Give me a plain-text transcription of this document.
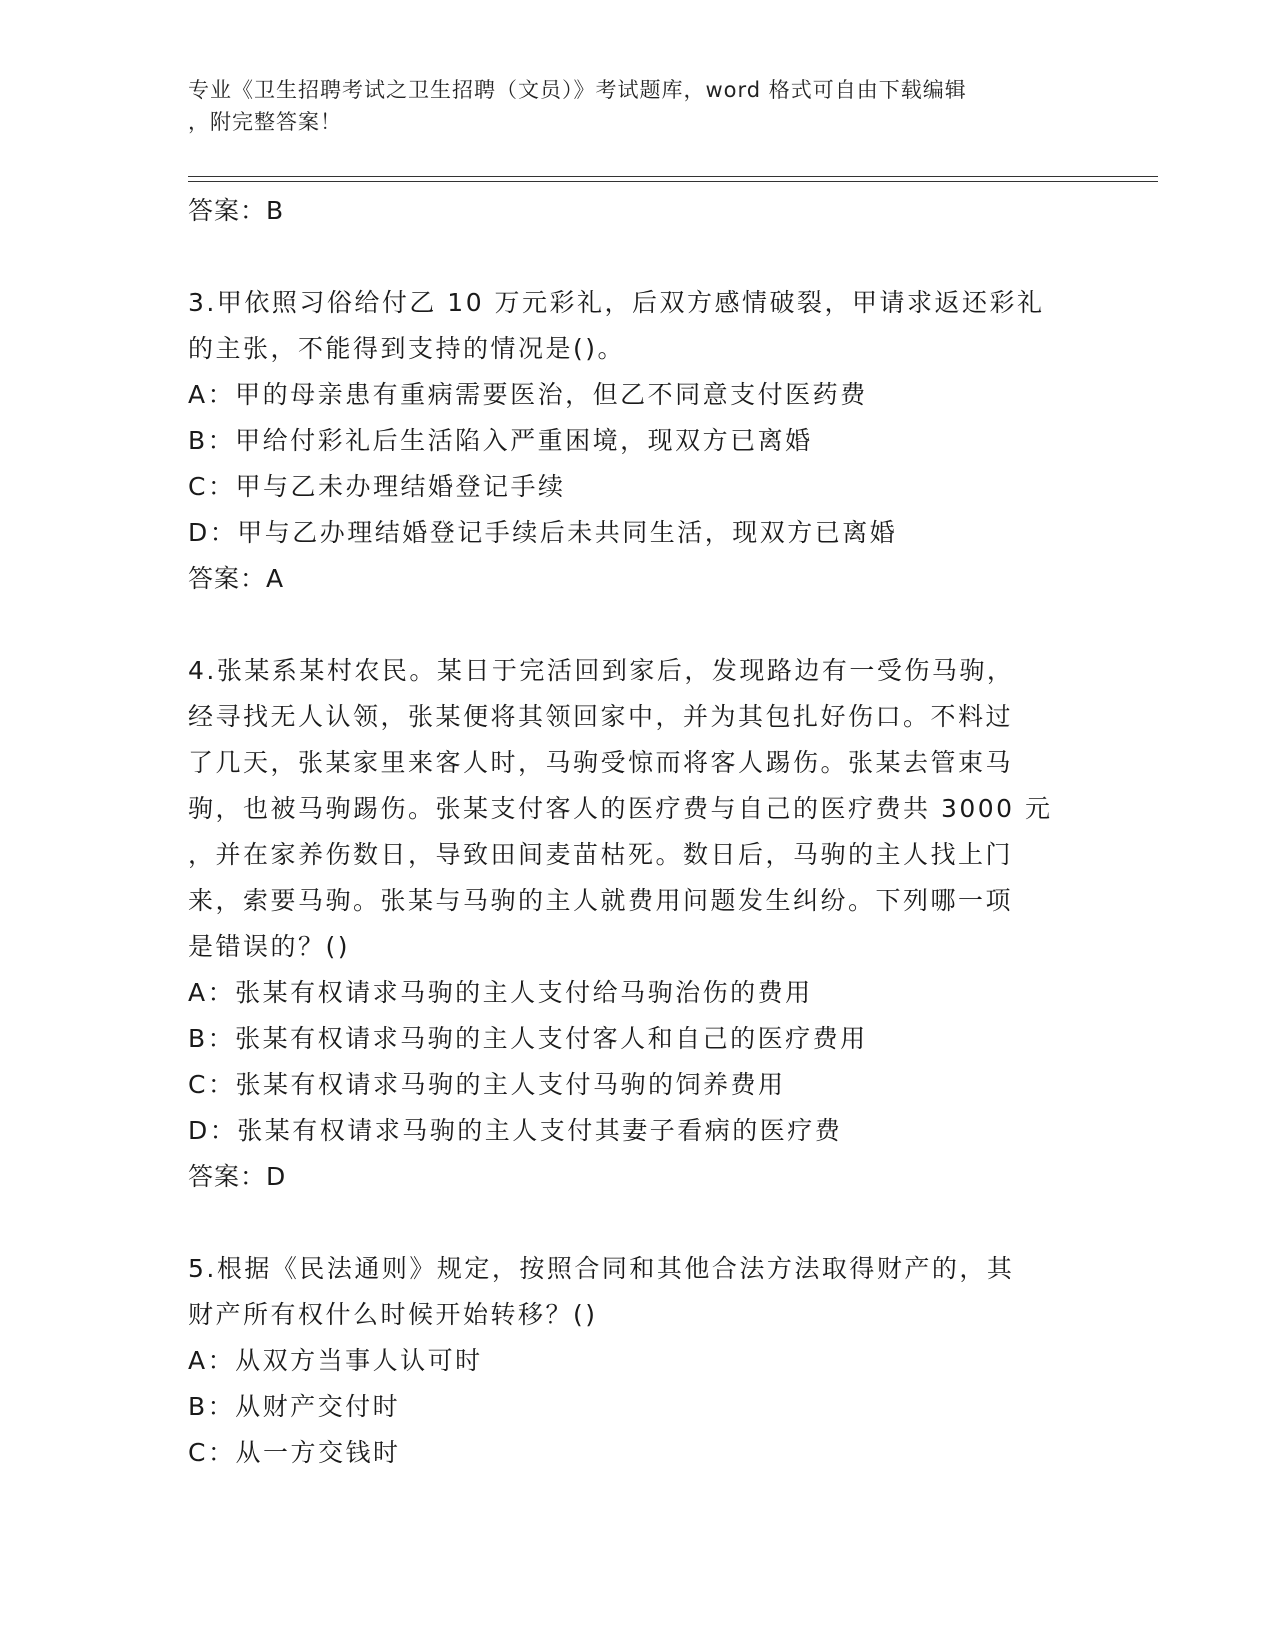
专业《卫生招聘考试之卫生招聘（文员）》考试题库，word 格式可自由下载编辑
，附完整答案！
答案：B
3.甲依照习俗给付乙 10 万元彩礼，后双方感情破裂，甲请求返还彩礼
的主张，不能得到支持的情况是()。
A：甲的母亲患有重病需要医治，但乙不同意支付医药费
B：甲给付彩礼后生活陷入严重困境，现双方已离婚
C：甲与乙未办理结婚登记手续
D：甲与乙办理结婚登记手续后未共同生活，现双方已离婚
答案：A
4.张某系某村农民。某日于完活回到家后，发现路边有一受伤马驹，
经寻找无人认领，张某便将其领回家中，并为其包扎好伤口。不料过
了几天，张某家里来客人时，马驹受惊而将客人踢伤。张某去管束马
驹，也被马驹踢伤。张某支付客人的医疗费与自己的医疗费共 3000 元
，并在家养伤数日，导致田间麦苗枯死。数日后，马驹的主人找上门
来，索要马驹。张某与马驹的主人就费用问题发生纠纷。下列哪一项
是错误的？()
A：张某有权请求马驹的主人支付给马驹治伤的费用
B：张某有权请求马驹的主人支付客人和自己的医疗费用
C：张某有权请求马驹的主人支付马驹的饲养费用
D：张某有权请求马驹的主人支付其妻子看病的医疗费
答案：D
5.根据《民法通则》规定，按照合同和其他合法方法取得财产的，其
财产所有权什么时候开始转移？()
A：从双方当事人认可时
B：从财产交付时
C：从一方交钱时
